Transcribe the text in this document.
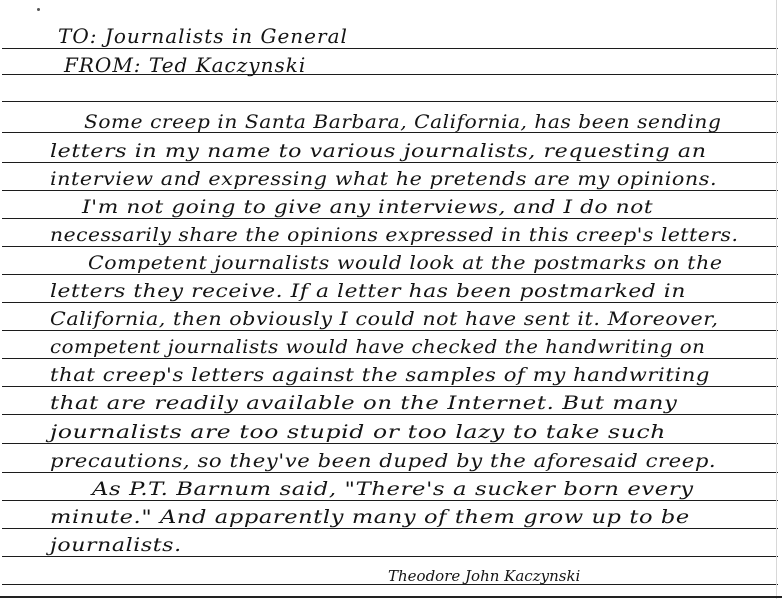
TO: Journalists in General
FROM: Ted Kaczynski
Some creep in Santa Barbara, California, has been sending
letters in my name to various journalists, requesting an
interview and expressing what he pretends are my opinions.
I'm not going to give any interviews, and I do not
necessarily share the opinions expressed in this creep's letters.
Competent journalists would look at the postmarks on the
letters they receive. If a letter has been postmarked in
California, then obviously I could not have sent it. Moreover,
competent journalists would have checked the handwriting on
that creep's letters against the samples of my handwriting
that are readily available on the Internet. But many
journalists are too stupid or too lazy to take such
precautions, so they've been duped by the aforesaid creep.
As P.T. Barnum said, "There's a sucker born every
minute." And apparently many of them grow up to be
journalists.
Theodore John Kaczynski
